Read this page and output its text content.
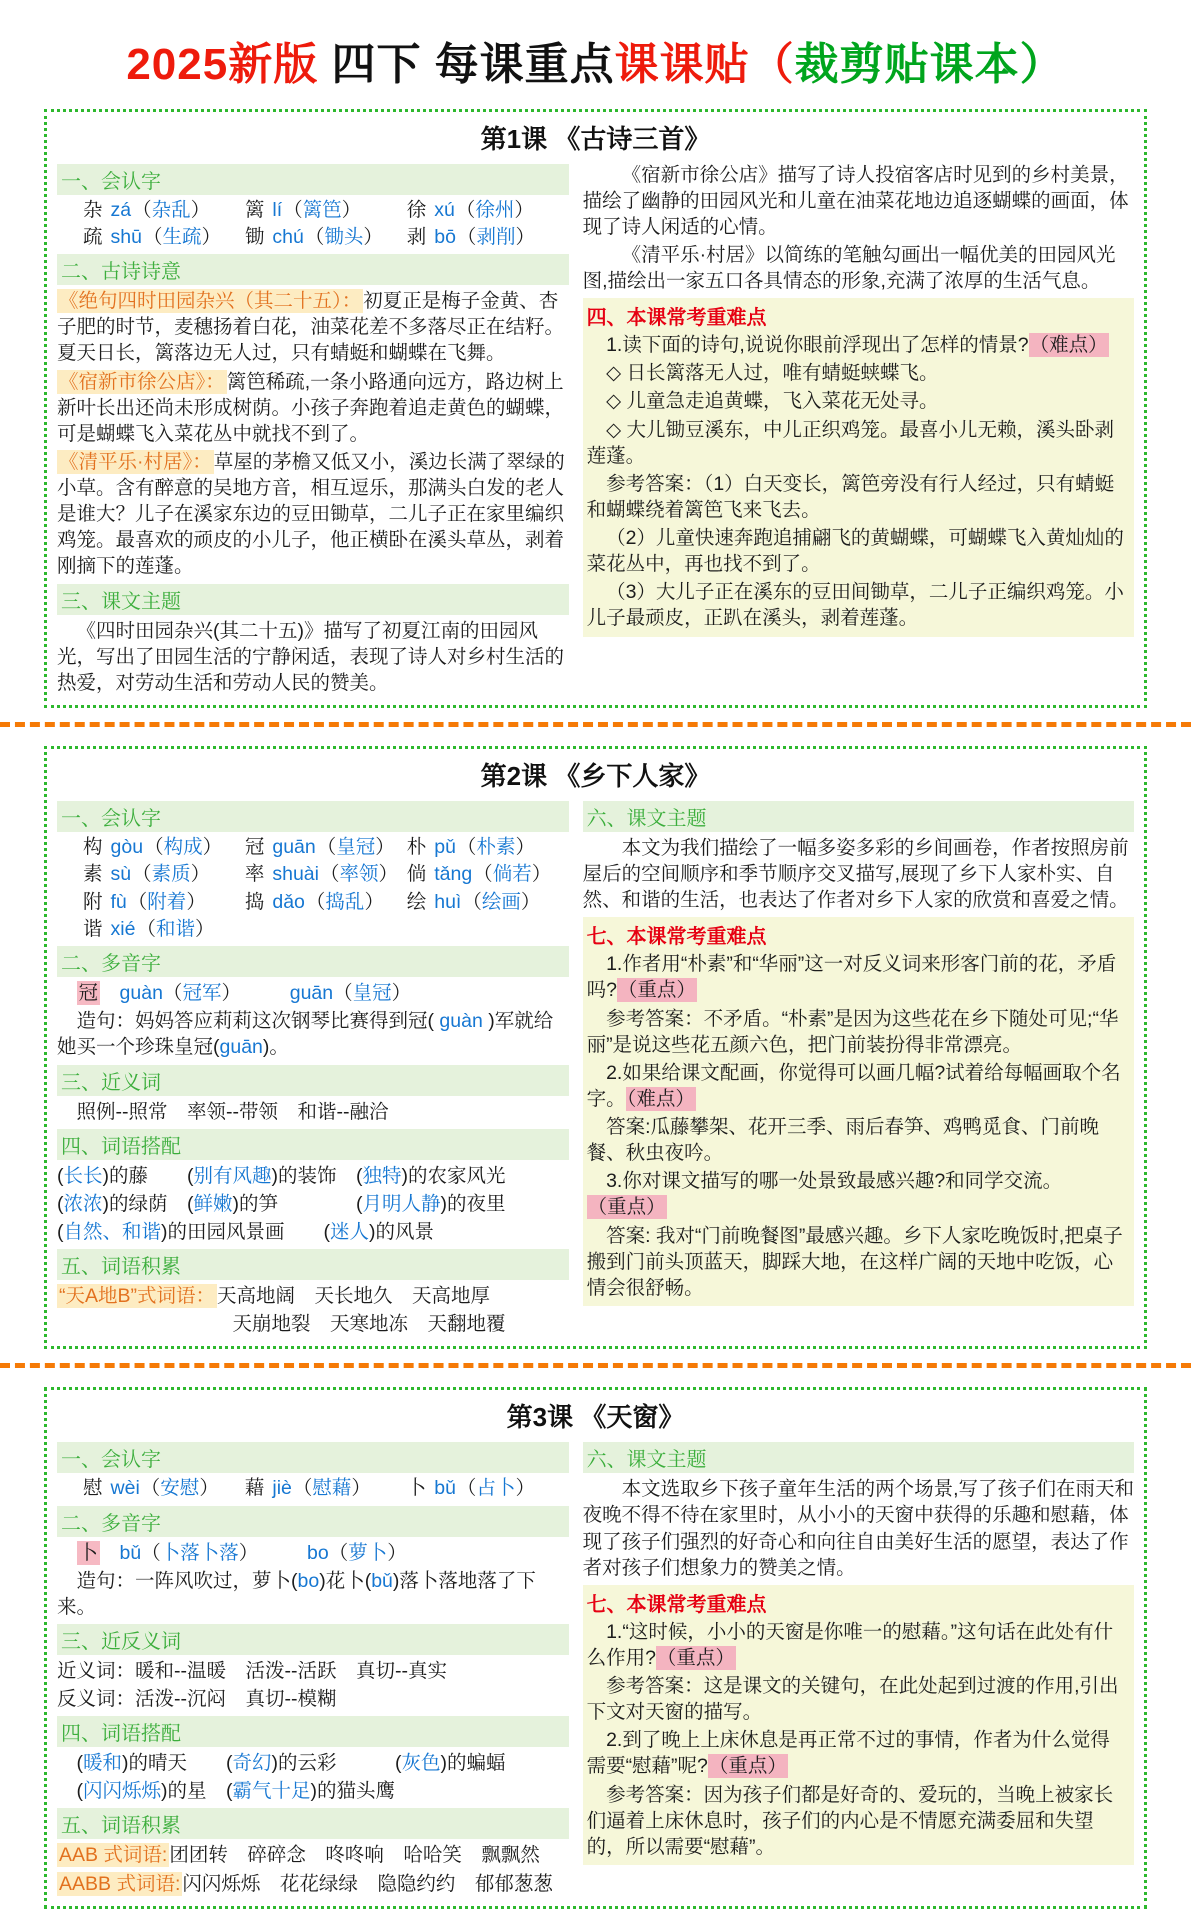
2025新版 四下 每课重点课课贴（裁剪贴课本）
第1课 《古诗三首》
一、会认字
杂 zá （ 杂乱 ）	篱 lí （ 篱笆 ）	徐 xú （ 徐州 ）
疏 shū （ 生疏 ）	锄 chú （ 锄头 ）	剥 bō （ 剥削 ）
二、古诗诗意

《绝句四时田园杂兴（其二十五）： 初夏正是梅子金黄、杏子肥的时节，麦穗扬着白花，油菜花差不多落尽正在结籽。夏天日长，篱落边无人过，只有蜻蜓和蝴蝶在飞舞。

《宿新市徐公店》： 篱笆稀疏,一条小路通向远方，路边树上新叶长出还尚未形成树荫。小孩子奔跑着追走黄色的蝴蝶，可是蝴蝶飞入菜花丛中就找不到了。

《清平乐·村居》： 草屋的茅檐又低又小，溪边长满了翠绿的小草。含有醉意的吴地方音，相互逗乐，那满头白发的老人是谁大？儿子在溪家东边的豆田锄草，二儿子正在家里编织鸡笼。最喜欢的顽皮的小儿子，他正横卧在溪头草丛，剥着刚摘下的莲蓬。

三、课文主题

《四时田园杂兴(其二十五)》描写了初夏江南的田园风光，写出了田园生活的宁静闲适，表现了诗人对乡村生活的热爱，对劳动生活和劳动人民的赞美。

《宿新市徐公店》描写了诗人投宿客店时见到的乡村美景，描绘了幽静的田园风光和儿童在油菜花地边追逐蝴蝶的画面，体现了诗人闲适的心情。

《清平乐·村居》以简练的笔触勾画出一幅优美的田园风光图,描绘出一家五口各具情态的形象,充满了浓厚的生活气息。

四、本课常考重难点

1.读下面的诗句,说说你眼前浮现出了怎样的情景?（难点）

◇ 日长篱落无人过，唯有蜻蜓蛱蝶飞。

◇ 儿童急走追黄蝶，飞入菜花无处寻。

◇ 大儿锄豆溪东，中儿正织鸡笼。最喜小儿无赖，溪头卧剥莲蓬。

参考答案：（1）白天变长，篱笆旁没有行人经过，只有蜻蜓和蝴蝶绕着篱笆飞来飞去。

（2）儿童快速奔跑追捕翩飞的黄蝴蝶，可蝴蝶飞入黄灿灿的菜花丛中，再也找不到了。

（3）大儿子正在溪东的豆田间锄草，二儿子正编织鸡笼。小儿子最顽皮，正趴在溪头，剥着莲蓬。

第2课 《乡下人家》
一、会认字
构 gòu （ 构成 ）	冠 guān （ 皇冠 ）	朴 pǔ （ 朴素 ）
素 sù （ 素质 ）	率 shuài （ 率领 ）	倘 tǎng （ 倘若 ）
附 fù （ 附着 ）	捣 dǎo （ 捣乱 ）	绘 huì （ 绘画 ）
谐 xié （ 和谐 ）
二、多音字

冠　 guàn（冠军）　　　guān（皇冠）

造句：妈妈答应莉莉这次钢琴比赛得到冠( guàn )军就给她买一个珍珠皇冠(guān)。

三、近义词

照例--照常　率领--带领　和谐--融洽

四、词语搭配

(长长)的藤　　(别有风趣)的装饰　(独特)的农家风光

(浓浓)的绿荫　(鲜嫩)的笋　　　　(月明人静)的夜里

(自然、和谐)的田园风景画　　(迷人)的风景

五、词语积累

“天A地B”式词语： 天高地阔　天长地久　天高地厚

　　　　　　　　　天崩地裂　天寒地冻　天翻地覆

六、课文主题

本文为我们描绘了一幅多姿多彩的乡间画卷，作者按照房前屋后的空间顺序和季节顺序交叉描写,展现了乡下人家朴实、自然、和谐的生活，也表达了作者对乡下人家的欣赏和喜爱之情。

七、本课常考重难点

1.作者用“朴素”和“华丽”这一对反义词来形客门前的花，矛盾吗?（重点）

参考答案：不矛盾。“朴素”是因为这些花在乡下随处可见;“华丽”是说这些花五颜六色，把门前装扮得非常漂亮。

2.如果给课文配画，你觉得可以画几幅?试着给每幅画取个名字。（难点）

答案:瓜藤攀架、花开三季、雨后春笋、鸡鸭觅食、门前晚餐、秋虫夜吟。

3.你对课文描写的哪一处景致最感兴趣?和同学交流。（重点）

答案: 我对“门前晚餐图”最感兴趣。乡下人家吃晚饭时,把桌子搬到门前头顶蓝天，脚踩大地，在这样广阔的天地中吃饭，心情会很舒畅。

第3课 《天窗》
一、会认字
慰 wèi （ 安慰 ）	藉 jiè （ 慰藉 ）	卜 bǔ （ 占卜 ）
二、多音字

卜　 bǔ（卜落卜落）　　　bo（萝卜）

造句：一阵风吹过，萝卜(bo)花卜(bǔ)落卜落地落了下来。

三、近反义词

近义词：暖和--温暖　活泼--活跃　真切--真实

反义词：活泼--沉闷　真切--模糊

四、词语搭配

(暖和)的晴天　　(奇幻)的云彩　　　(灰色)的蝙蝠

(闪闪烁烁)的星　(霸气十足)的猫头鹰

五、词语积累

AAB 式词语: 团团转　碎碎念　咚咚响　哈哈笑　飘飘然

AABB 式词语: 闪闪烁烁　花花绿绿　隐隐约约　郁郁葱葱

六、课文主题

本文选取乡下孩子童年生活的两个场景,写了孩子们在雨天和夜晚不得不待在家里时，从小小的天窗中获得的乐趣和慰藉，体现了孩子们强烈的好奇心和向往自由美好生活的愿望，表达了作者对孩子们想象力的赞美之情。

七、本课常考重难点

1.“这时候，小小的天窗是你唯一的慰藉。”这句话在此处有什么作用?（重点）

参考答案：这是课文的关键句，在此处起到过渡的作用,引出下文对天窗的描写。

2.到了晚上上床休息是再正常不过的事情，作者为什么觉得需要“慰藉”呢?（重点）

参考答案：因为孩子们都是好奇的、爱玩的，当晚上被家长们逼着上床休息时，孩子们的内心是不情愿充满委屈和失望的，所以需要“慰藉”。
